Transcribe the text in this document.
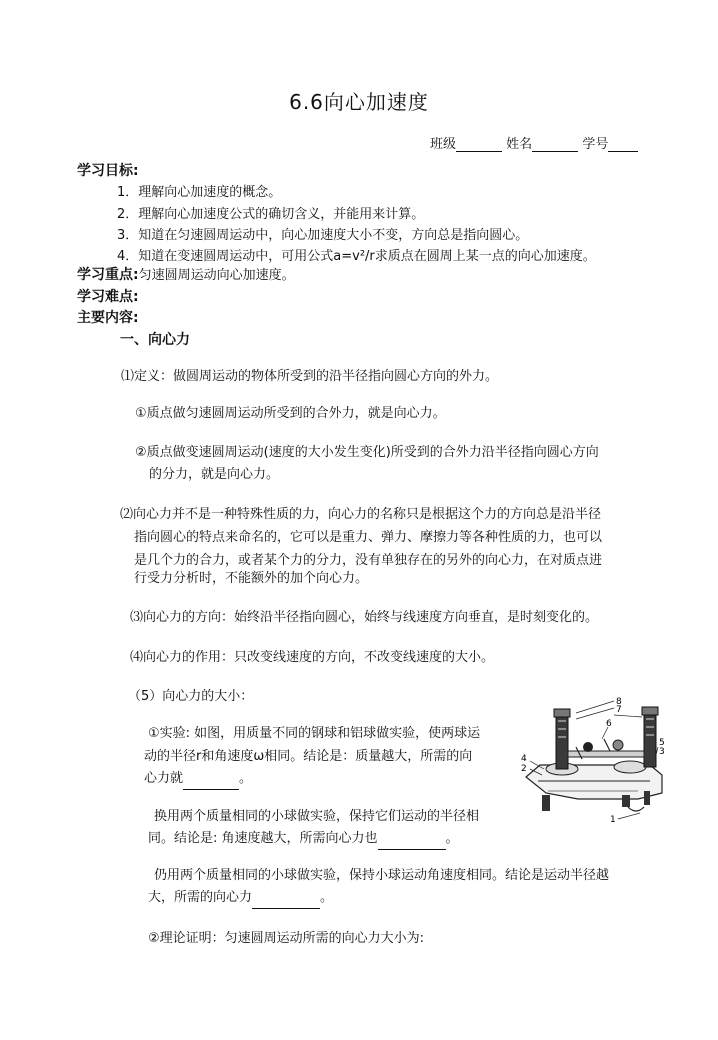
6.6向心加速度
班级	姓名	学号
学习目标:
1．理解向心加速度的概念。
2．理解向心加速度公式的确切含义，并能用来计算。
3．知道在匀速圆周运动中，向心加速度大小不变，方向总是指向圆心。
4．知道在变速圆周运动中，可用公式a=v²/r求质点在圆周上某一点的向心加速度。
学习重点:匀速圆周运动向心加速度。
学习难点:
主要内容:
一、向心力
⑴定义：做圆周运动的物体所受到的沿半径指向圆心方向的外力。
①质点做匀速圆周运动所受到的合外力，就是向心力。
②质点做变速圆周运动(速度的大小发生变化)所受到的合外力沿半径指向圆心方向
的分力，就是向心力。
⑵向心力并不是一种特殊性质的力，向心力的名称只是根据这个力的方向总是沿半径
指向圆心的特点来命名的，它可以是重力、弹力、摩擦力等各种性质的力，也可以
是几个力的合力，或者某个力的分力，没有单独存在的另外的向心力，在对质点进
行受力分析时，不能额外的加个向心力。
⑶向心力的方向：始终沿半径指向圆心，始终与线速度方向垂直，是时刻变化的。
⑷向心力的作用：只改变线速度的方向，不改变线速度的大小。
（5）向心力的大小：
①实验: 如图，用质量不同的钢球和铝球做实验，使两球运
动的半径r和角速度ω相同。结论是：质量越大，所需的向
心力就	。
换用两个质量相同的小球做实验，保持它们运动的半径相
同。结论是: 角速度越大，所需向心力也	。
仍用两个质量相同的小球做实验，保持小球运动角速度相同。结论是运动半径越
大，所需的向心力	。
②理论证明：匀速圆周运动所需的向心力大小为:
8
7
6
5
3
4
2
1
